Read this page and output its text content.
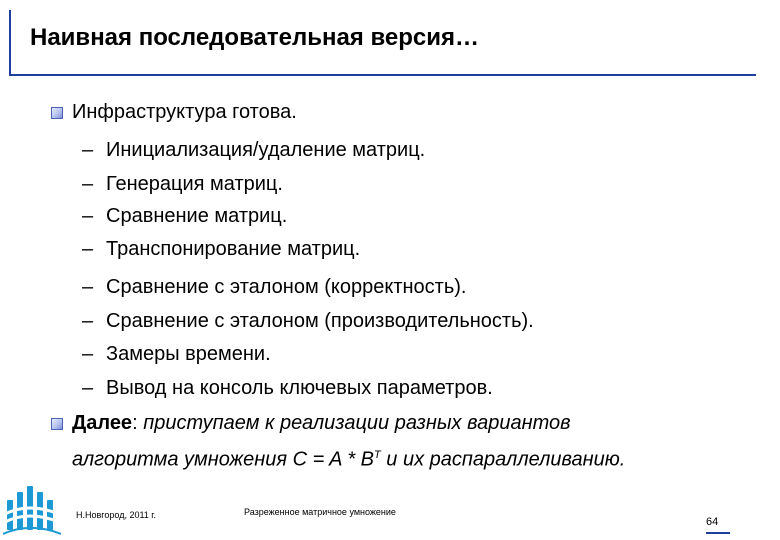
Наивная последовательная версия…
Инфраструктура готова.
– Инициализация/удаление матриц.
– Генерация матриц.
– Сравнение матриц.
– Транспонирование матриц.
– Сравнение с эталоном (корректность).
– Сравнение с эталоном (производительность).
– Замеры времени.
– Вывод на консоль ключевых параметров.
Далее: приступаем к реализации разных вариантов
алгоритма умножения $C = A * B^T$ и их распараллеливанию.
Н.Новгород, 2011 г.	Разреженное матричное умножение
64
